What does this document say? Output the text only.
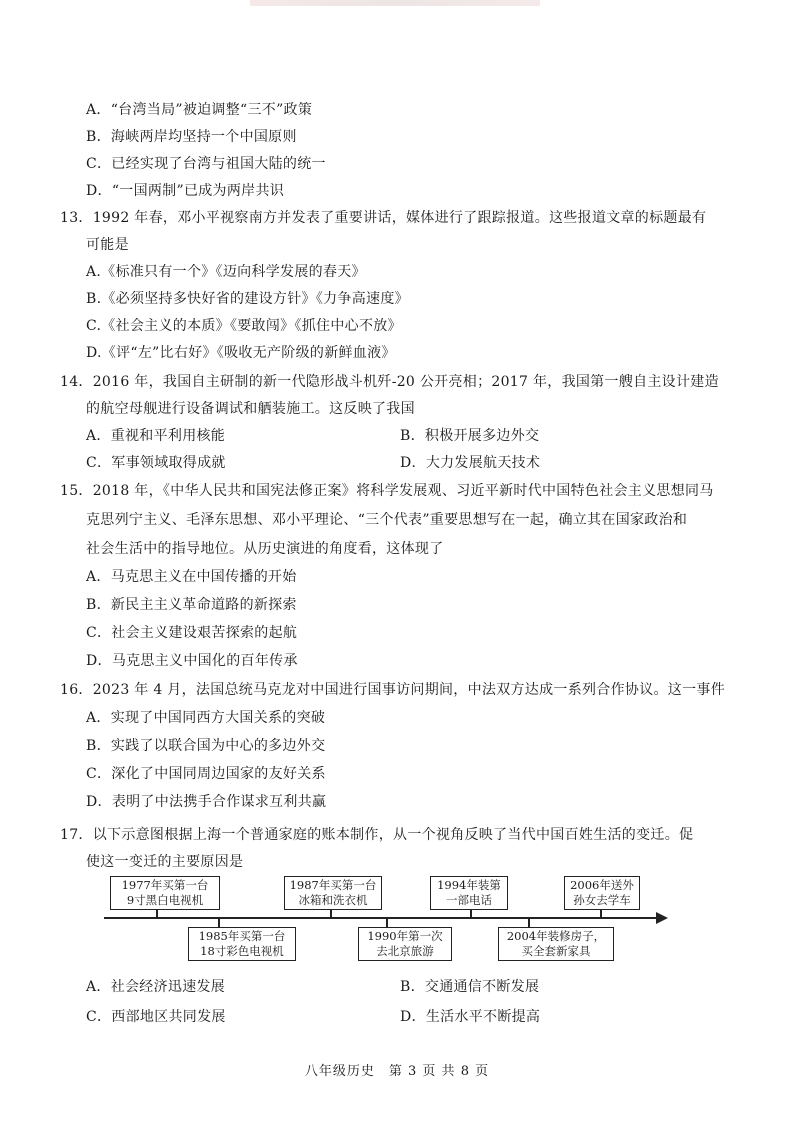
A．“台湾当局”被迫调整“三不”政策
B．海峡两岸均坚持一个中国原则
C．已经实现了台湾与祖国大陆的统一
D．“一国两制”已成为两岸共识
13．1992 年春，邓小平视察南方并发表了重要讲话，媒体进行了跟踪报道。这些报道文章的标题最有
可能是
A.《标准只有一个》《迈向科学发展的春天》
B.《必须坚持多快好省的建设方针》《力争高速度》
C.《社会主义的本质》《要敢闯》《抓住中心不放》
D.《评“左”比右好》《吸收无产阶级的新鲜血液》
14．2016 年，我国自主研制的新一代隐形战斗机歼-20 公开亮相；2017 年，我国第一艘自主设计建造
的航空母舰进行设备调试和舾装施工。这反映了我国
A．重视和平利用核能	B．积极开展多边外交
C．军事领域取得成就	D．大力发展航天技术
15．2018 年，《中华人民共和国宪法修正案》将科学发展观、习近平新时代中国特色社会主义思想同马
克思列宁主义、毛泽东思想、邓小平理论、“三个代表”重要思想写在一起，确立其在国家政治和
社会生活中的指导地位。从历史演进的角度看，这体现了
A．马克思主义在中国传播的开始
B．新民主主义革命道路的新探索
C．社会主义建设艰苦探索的起航
D．马克思主义中国化的百年传承
16．2023 年 4 月，法国总统马克龙对中国进行国事访问期间，中法双方达成一系列合作协议。这一事件
A．实现了中国同西方大国关系的突破
B．实践了以联合国为中心的多边外交
C．深化了中国同周边国家的友好关系
D．表明了中法携手合作谋求互利共赢
17．以下示意图根据上海一个普通家庭的账本制作，从一个视角反映了当代中国百姓生活的变迁。促
使这一变迁的主要原因是
1977年买第一台
9寸黑白电视机
1987年买第一台
冰箱和洗衣机
1994年装第
一部电话
2006年送外
孙女去学车
1985年买第一台
18寸彩色电视机
1990年第一次
去北京旅游
2004年装修房子，
买全套新家具
A．社会经济迅速发展	B．交通通信不断发展
C．西部地区共同发展	D．生活水平不断提高
八年级历史　第 3 页 共 8 页
